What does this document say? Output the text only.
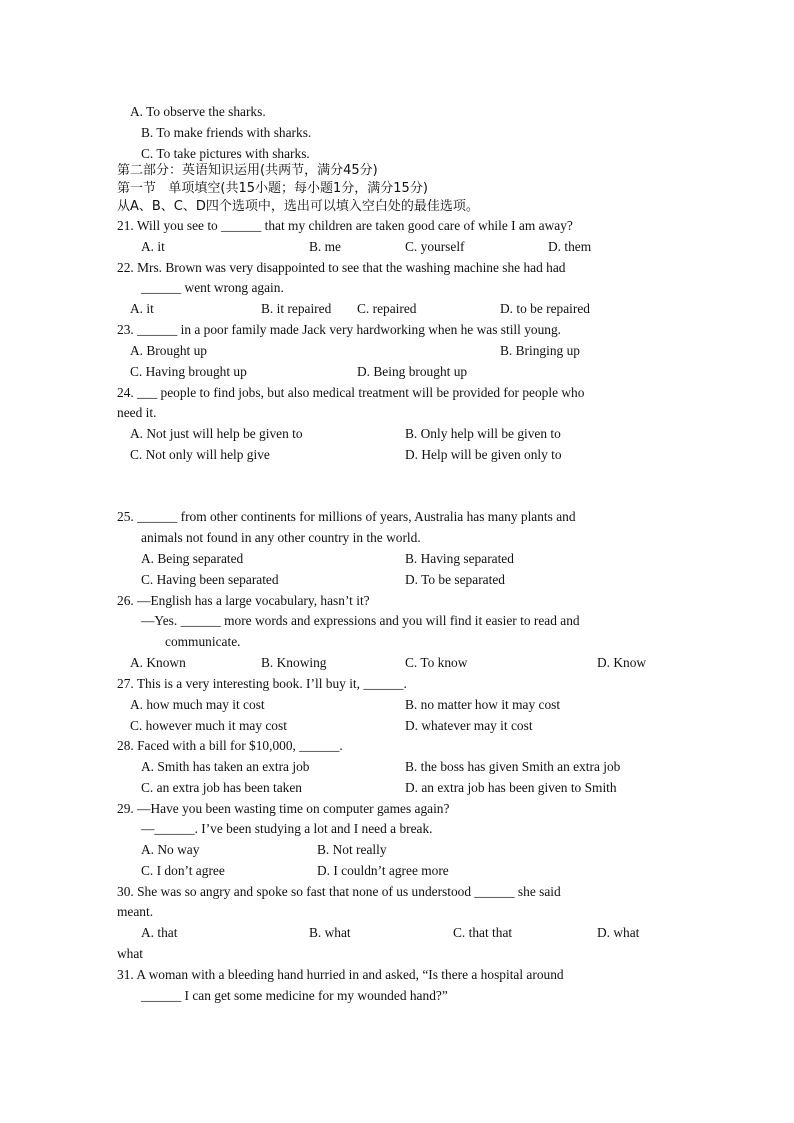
A. To observe the sharks.
B. To make friends with sharks.
C. To take pictures with sharks.
第二部分：英语知识运用(共两节，满分45分)
第一节   单项填空(共15小题；每小题1分，满分15分)
从A、B、C、D四个选项中，选出可以填入空白处的最佳选项。
21. Will you see to ______ that my children are taken good care of while I am away?
A. it	B. me	C. yourself	D. them
22. Mrs. Brown was very disappointed to see that the washing machine she had had
______ went wrong again.
A. it	B. it repaired C. repaired	D. to be repaired
23. ______ in a poor family made Jack very hardworking when he was still young.
A. Brought up	B. Bringing up
C. Having brought up	D. Being brought up
24. ___ people to find jobs, but also medical treatment will be provided for people who
need it.
A. Not just will help be given to	B. Only help will be given to
C. Not only will help give	D. Help will be given only to
25. ______ from other continents for millions of years, Australia has many plants and
animals not found in any other country in the world.
A. Being separated	B. Having separated
C. Having been separated	D. To be separated
26. —English has a large vocabulary, hasn’t it?
—Yes. ______ more words and expressions and you will find it easier to read and
communicate.
A. Known	B. Knowing	C. To know	D. Know
27. This is a very interesting book. I’ll buy it, ______.
A. how much may it cost	B. no matter how it may cost
C. however much it may cost	D. whatever may it cost
28. Faced with a bill for $10,000, ______.
A. Smith has taken an extra job	B. the boss has given Smith an extra job
C. an extra job has been taken	D. an extra job has been given to Smith
29. —Have you been wasting time on computer games again?
—______. I’ve been studying a lot and I need a break.
A. No way	B. Not really
C. I don’t agree	D. I couldn’t agree more
30. She was so angry and spoke so fast that none of us understood ______ she said
meant.
A. that	B. what	C. that that	D. what
what
31. A woman with a bleeding hand hurried in and asked, “Is there a hospital around
______ I can get some medicine for my wounded hand?”
